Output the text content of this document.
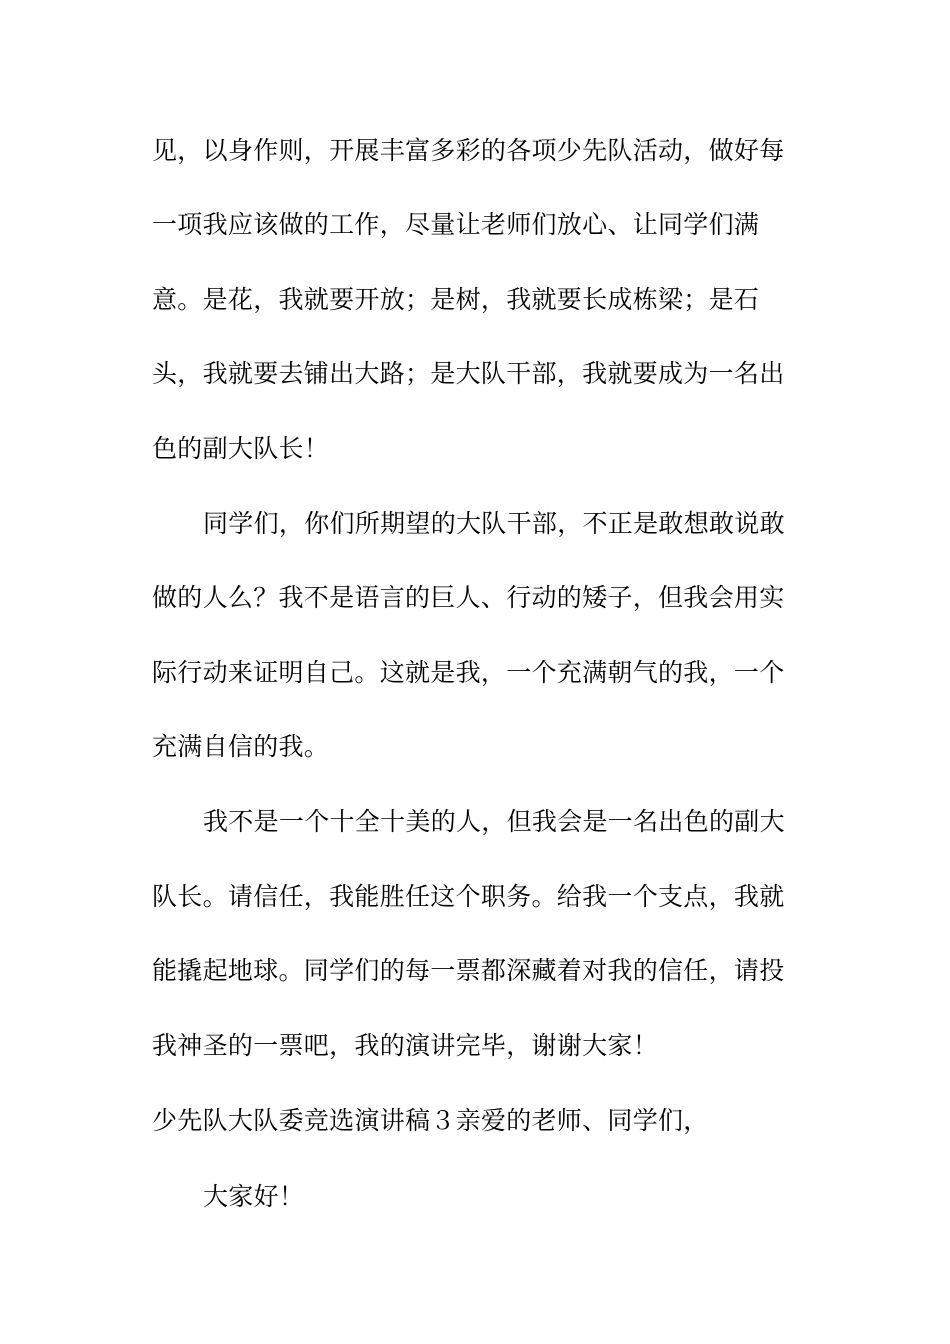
见，以身作则，开展丰富多彩的各项少先队活动，做好每
一项我应该做的工作，尽量让老师们放心、让同学们满
意。是花，我就要开放；是树，我就要长成栋梁；是石
头，我就要去铺出大路；是大队干部，我就要成为一名出
色的副大队长！
同学们，你们所期望的大队干部，不正是敢想敢说敢
做的人么？我不是语言的巨人、行动的矮子，但我会用实
际行动来证明自己。这就是我，一个充满朝气的我，一个
充满自信的我。
我不是一个十全十美的人，但我会是一名出色的副大
队长。请信任，我能胜任这个职务。给我一个支点，我就
能撬起地球。同学们的每一票都深藏着对我的信任，请投
我神圣的一票吧，我的演讲完毕，谢谢大家！
少先队大队委竞选演讲稿３亲爱的老师、同学们，
大家好！
